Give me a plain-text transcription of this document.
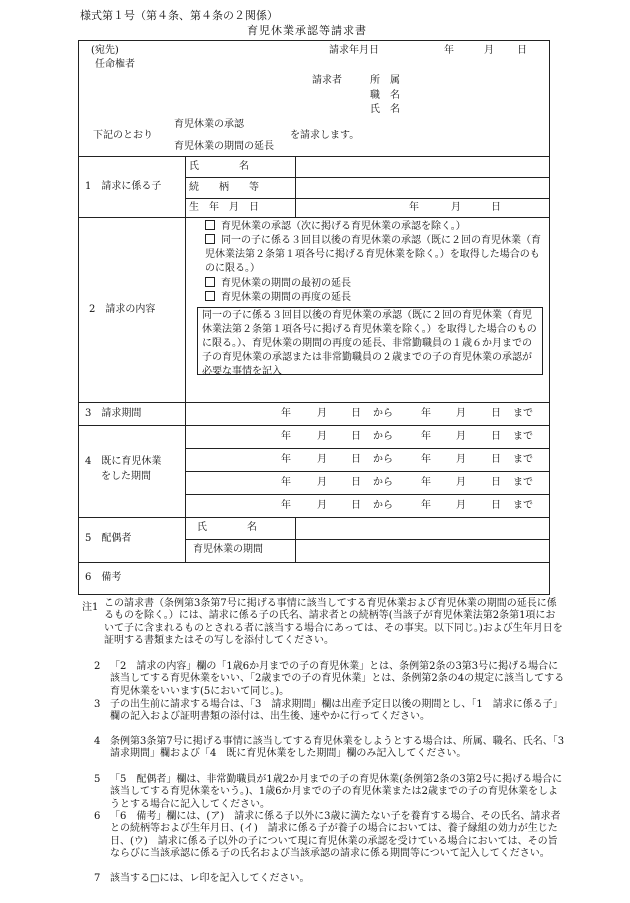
様式第１号（第４条、第４条の２関係）
育児休業承認等請求書
(宛先)
任命権者
請求年月日	年	月 日
請求者	所　属
職　名
氏　名
育児休業の承認
下記のとおり	を請求します。
育児休業の期間の延長
1　請求に係る子
氏　　　　名
続　　柄　　等
生　年　月　日	年	月	日
2　請求の内容
育児休業の承認（次に掲げる育児休業の承認を除く。）
同一の子に係る３回目以後の育児休業の承認（既に２回の育児休業（育児休業法第２条第１項各号に掲げる育児休業を除く。）を取得した場合のものに限る。）
育児休業の期間の最初の延長
育児休業の期間の再度の延長
同一の子に係る３回目以後の育児休業の承認（既に２回の育児休業（育児休業法第２条第１項各号に掲げる育児休業を除く。）を取得した場合のものに限る。）、育児休業の期間の再度の延長、非常勤職員の１歳６か月までの子の育児休業の承認または非常勤職員の２歳までの子の育児休業の承認が必要な事情を記入
3　請求期間	年	月 日 から	年	月	日 まで
4　既に育児休業
をした期間
年	月 日 から	年	月	日 まで
年	月 日 から	年	月	日 まで
年	月 日 から	年	月	日 まで
年	月 日 から	年	月	日 まで
5　配偶者
氏　　　　名
育児休業の期間
6　備考
注1 この請求書（条例第3条第7号に掲げる事情に該当してする育児休業および育児休業の期間の延長に係るものを除く。）には、請求に係る子の氏名、請求者との続柄等(当該子が育児休業法第2条第1項において子に含まれるものとされる者に該当する場合にあっては、その事実。以下同じ。)および生年月日を証明する書類またはその写しを添付してください。
2 「2　請求の内容」欄の「1歳6か月までの子の育児休業」とは、条例第2条の3第3号に掲げる場合に該当してする育児休業をいい、「2歳までの子の育児休業」とは、条例第2条の4の規定に該当してする育児休業をいいます(5において同じ。)。
3 子の出生前に請求する場合は、「3　請求期間」欄は出産予定日以後の期間とし、「1　請求に係る子」欄の記入および証明書類の添付は、出生後、速やかに行ってください。
4 条例第3条第7号に掲げる事情に該当してする育児休業をしようとする場合は、所属、職名、氏名、「3　請求期間」欄および「4　既に育児休業をした期間」欄のみ記入してください。
5 「5　配偶者」欄は、非常勤職員が1歳2か月までの子の育児休業(条例第2条の3第2号に掲げる場合に該当してする育児休業をいう。)、1歳6か月までの子の育児休業または2歳までの子の育児休業をしようとする場合に記入してください。
6 「6　備考」欄には、(ア)　請求に係る子以外に3歳に満たない子を養育する場合、その氏名、請求者との続柄等および生年月日、(イ)　請求に係る子が養子の場合においては、養子縁組の効力が生じた日、(ウ)　請求に係る子以外の子について現に育児休業の承認を受けている場合においては、その旨ならびに当該承認に係る子の氏名および当該承認の請求に係る期間等について記入してください。
7 該当する□には、レ印を記入してください。
